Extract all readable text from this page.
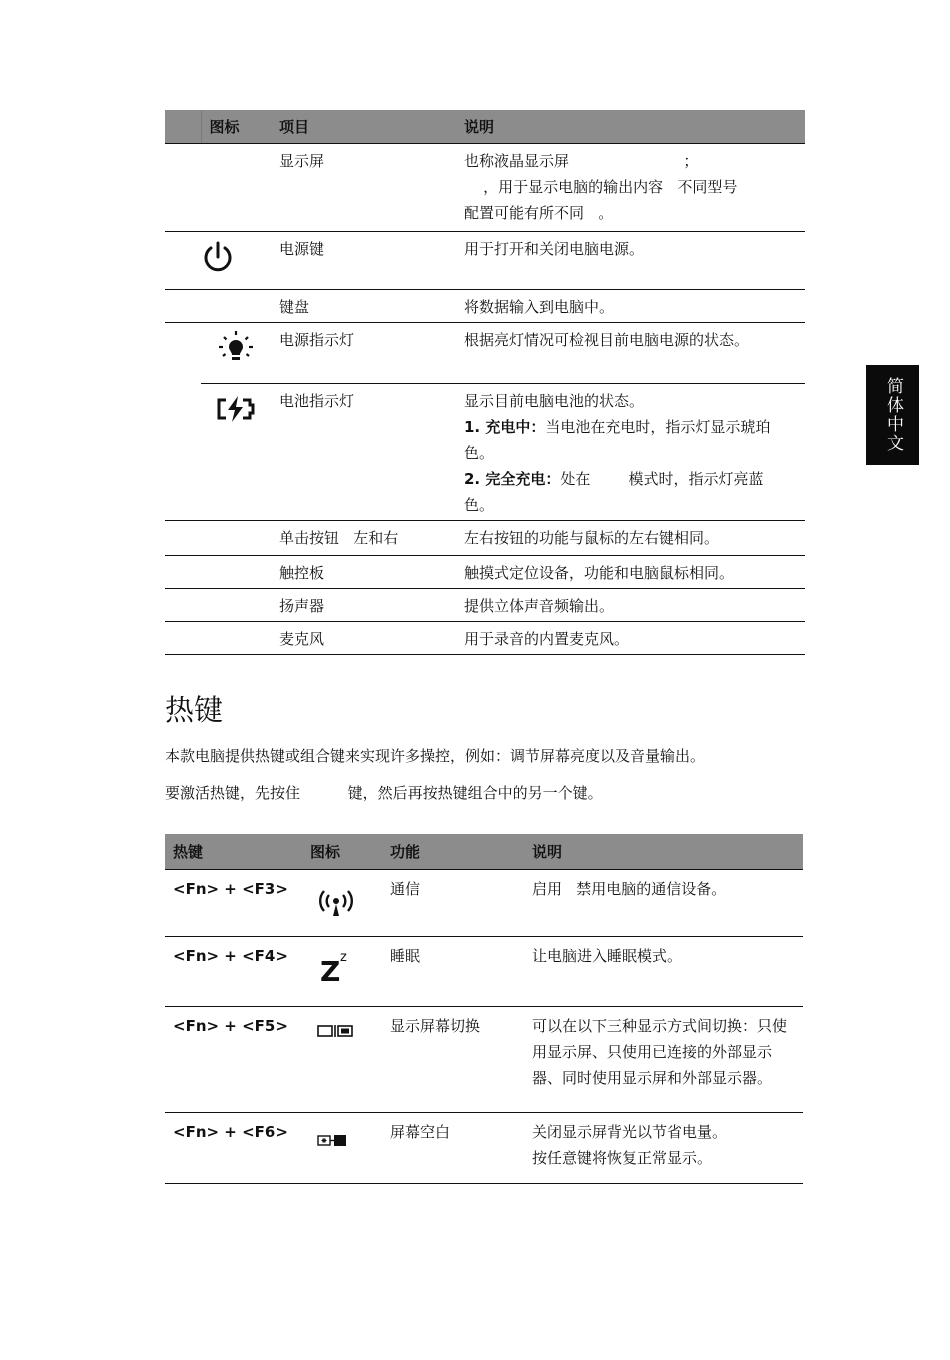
简体中文
	图标	项目	说明
		显示屏	也称液晶显示屏                        ；
，用于显示电脑的输出内容   不同型号
配置可能有所不同   。

	电源键	用于打开和关闭电脑电源。
		键盘	将数据输入到电脑中。

	电源指示灯	根据亮灯情况可检视目前电脑电源的状态。

	电池指示灯	显示目前电脑电池的状态。
1. 充电中：当电池在充电时，指示灯显示琥珀色。
2. 完全充电：处在        模式时，指示灯亮蓝色。

		单击按钮   左和右	左右按钮的功能与鼠标的左右键相同。
		触控板	触摸式定位设备，功能和电脑鼠标相同。
		扬声器	提供立体声音频输出。
		麦克风	用于录音的内置麦克风。
热键

本款电脑提供热键或组合键来实现许多操控，例如：调节屏幕亮度以及音量输出。

要激活热键，先按住          键，然后再按热键组合中的另一个键。

热键	图标	功能	说明
<Fn> + <F3>		通信	启用   禁用电脑的通信设备。
<Fn> + <F4>	Z z	睡眠	让电脑进入睡眠模式。
<Fn> + <F5>		显示屏幕切换	可以在以下三种显示方式间切换：只使用显示屏、只使用已连接的外部显示器、同时使用显示屏和外部显示器。
<Fn> + <F6>		屏幕空白	关闭显示屏背光以节省电量。
按任意键将恢复正常显示。
